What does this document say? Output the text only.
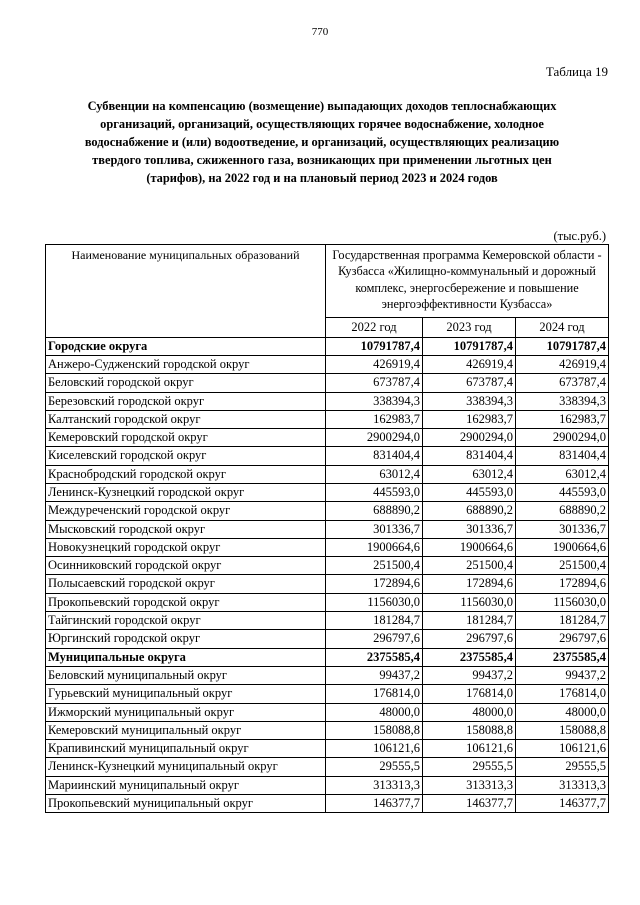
770
Таблица 19
Субвенции на компенсацию (возмещение) выпадающих доходов теплоснабжающих
организаций, организаций, осуществляющих горячее водоснабжение, холодное
водоснабжение и (или) водоотведение, и организаций, осуществляющих реализацию
твердого топлива, сжиженного газа, возникающих при применении льготных цен
(тарифов), на 2022 год и на плановый период 2023 и 2024 годов
(тыс.руб.)
Наименование муниципальных образований	Государственная программа Кемеровской области - Кузбасса «Жилищно-коммунальный и дорожный комплекс, энергосбережение и повышение энергоэффективности Кузбасса»		
	2022 год	2023 год	2024 год
Городские округа	10791787,4	10791787,4	10791787,4
Анжеро-Судженский городской округ	426919,4	426919,4	426919,4
Беловский городской округ	673787,4	673787,4	673787,4
Березовский городской округ	338394,3	338394,3	338394,3
Калтанский городской округ	162983,7	162983,7	162983,7
Кемеровский городской округ	2900294,0	2900294,0	2900294,0
Киселевский городской округ	831404,4	831404,4	831404,4
Краснобродский городской округ	63012,4	63012,4	63012,4
Ленинск-Кузнецкий городской округ	445593,0	445593,0	445593,0
Междуреченский городской округ	688890,2	688890,2	688890,2
Мысковский городской округ	301336,7	301336,7	301336,7
Новокузнецкий городской округ	1900664,6	1900664,6	1900664,6
Осинниковский городской округ	251500,4	251500,4	251500,4
Полысаевский городской округ	172894,6	172894,6	172894,6
Прокопьевский городской округ	1156030,0	1156030,0	1156030,0
Тайгинский городской округ	181284,7	181284,7	181284,7
Юргинский городской округ	296797,6	296797,6	296797,6
Муниципальные округа	2375585,4	2375585,4	2375585,4
Беловский муниципальный округ	99437,2	99437,2	99437,2
Гурьевский муниципальный округ	176814,0	176814,0	176814,0
Ижморский муниципальный округ	48000,0	48000,0	48000,0
Кемеровский муниципальный округ	158088,8	158088,8	158088,8
Крапивинский муниципальный округ	106121,6	106121,6	106121,6
Ленинск-Кузнецкий муниципальный округ	29555,5	29555,5	29555,5
Мариинский муниципальный округ	313313,3	313313,3	313313,3
Прокопьевский муниципальный округ	146377,7	146377,7	146377,7
